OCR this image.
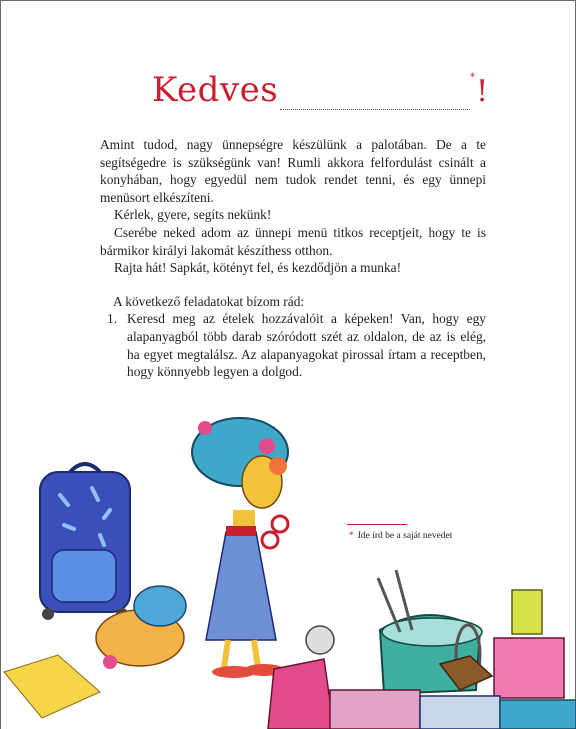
Kedves	*!

Amint tudod, nagy ünnepségre készülünk a palotában. De a te segítségedre is szükségünk van! Rumli akkora felfordulást csinált a konyhában, hogy egyedül nem tudok rendet tenni, és egy ünnepi menüsort elkészíteni.

Kérlek, gyere, segíts nekünk!

Cserébe neked adom az ünnepi menü titkos receptjeit, hogy te is bármikor királyi lakomát készíthess otthon.

Rajta hát! Sapkát, kötényt fel, és kezdődjön a munka!

A következő feladatokat bízom rád:

1. Keresd meg az ételek hozzávalóit a képeken! Van, hogy egy alapanyagból több darab szóródott szét az oldalon, de az is elég, ha egyet megtalálsz. Az alapanyagokat pirossal írtam a receptben, hogy könnyebb legyen a dolgod.
* Ide írd be a saját nevedet
